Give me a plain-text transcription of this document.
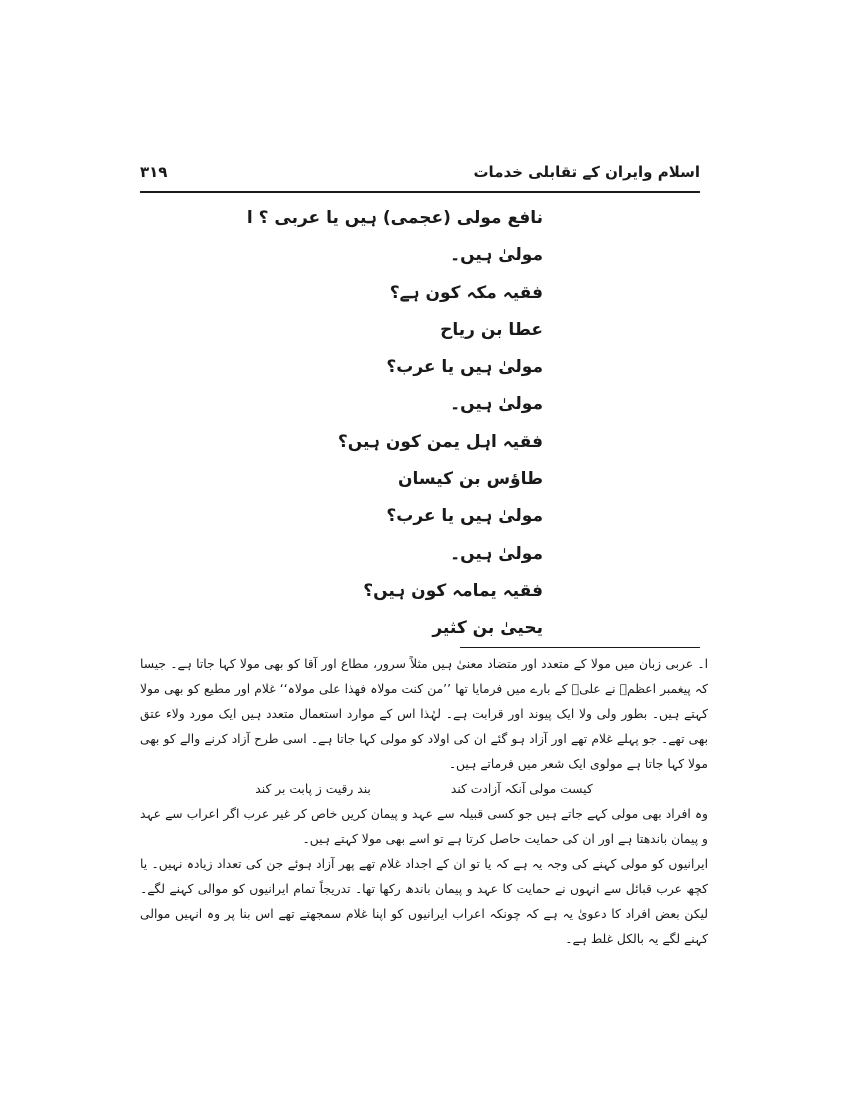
اسلام وایران کے تقابلی خدمات
۳۱۹
نافع مولی (عجمی) ہیں یا عربی ؟ ا
مولیٰ ہیں۔
فقیہ مکہ کون ہے؟
عطا بن ریاح
مولیٰ ہیں یا عرب؟
مولیٰ ہیں۔
فقیہ اہل یمن کون ہیں؟
طاؤس بن کیسان
مولیٰ ہیں یا عرب؟
مولیٰ ہیں۔
فقیہ یمامہ کون ہیں؟
یحییٰ بن کثیر

ا۔ عربی زبان میں مولا کے متعدد اور متضاد معنیٰ ہیں مثلاً سرور، مطاع اور آقا کو بھی مولا کہا جاتا ہے۔ جیسا کہ پیغمبر اعظمؐ نے علیؑ کے بارے میں فرمایا تھا ’’من کنت مولاہ فھذا علی مولاہ‘‘ غلام اور مطیع کو بھی مولا کہتے ہیں۔ بطور ولی ولا ایک پیوند اور قرابت ہے۔ لہٰذا اس کے موارد استعمال متعدد ہیں ایک مورد ولاء عتق بھی تھے۔ جو پہلے غلام تھے اور آزاد ہو گئے ان کی اولاد کو مولی کہا جاتا ہے۔ اسی طرح آزاد کرنے والے کو بھی مولا کہا جاتا ہے مولوی ایک شعر میں فرماتے ہیں۔

کیست مولی آنکہ آزادت کند
بند رقیت ز پابت بر کند

وہ افراد بھی مولی کہے جاتے ہیں جو کسی قبیلہ سے عہد و پیمان کریں خاص کر غیر عرب اگر اعراب سے عہد و پیمان باندھتا ہے اور ان کی حمایت حاصل کرتا ہے تو اسے بھی مولا کہتے ہیں۔

ایرانیوں کو مولی کہنے کی وجہ یہ ہے کہ یا تو ان کے اجداد غلام تھے پھر آزاد ہوئے جن کی تعداد زیادہ نہیں۔ یا کچھ عرب قبائل سے انہوں نے حمایت کا عہد و پیمان باندھ رکھا تھا۔ تدریجاً تمام ایرانیوں کو موالی کہنے لگے۔ لیکن بعض افراد کا دعویٰ یہ ہے کہ چونکہ اعراب ایرانیوں کو اپنا غلام سمجھتے تھے اس بنا پر وہ انہیں موالی کہنے لگے یہ بالکل غلط ہے۔
